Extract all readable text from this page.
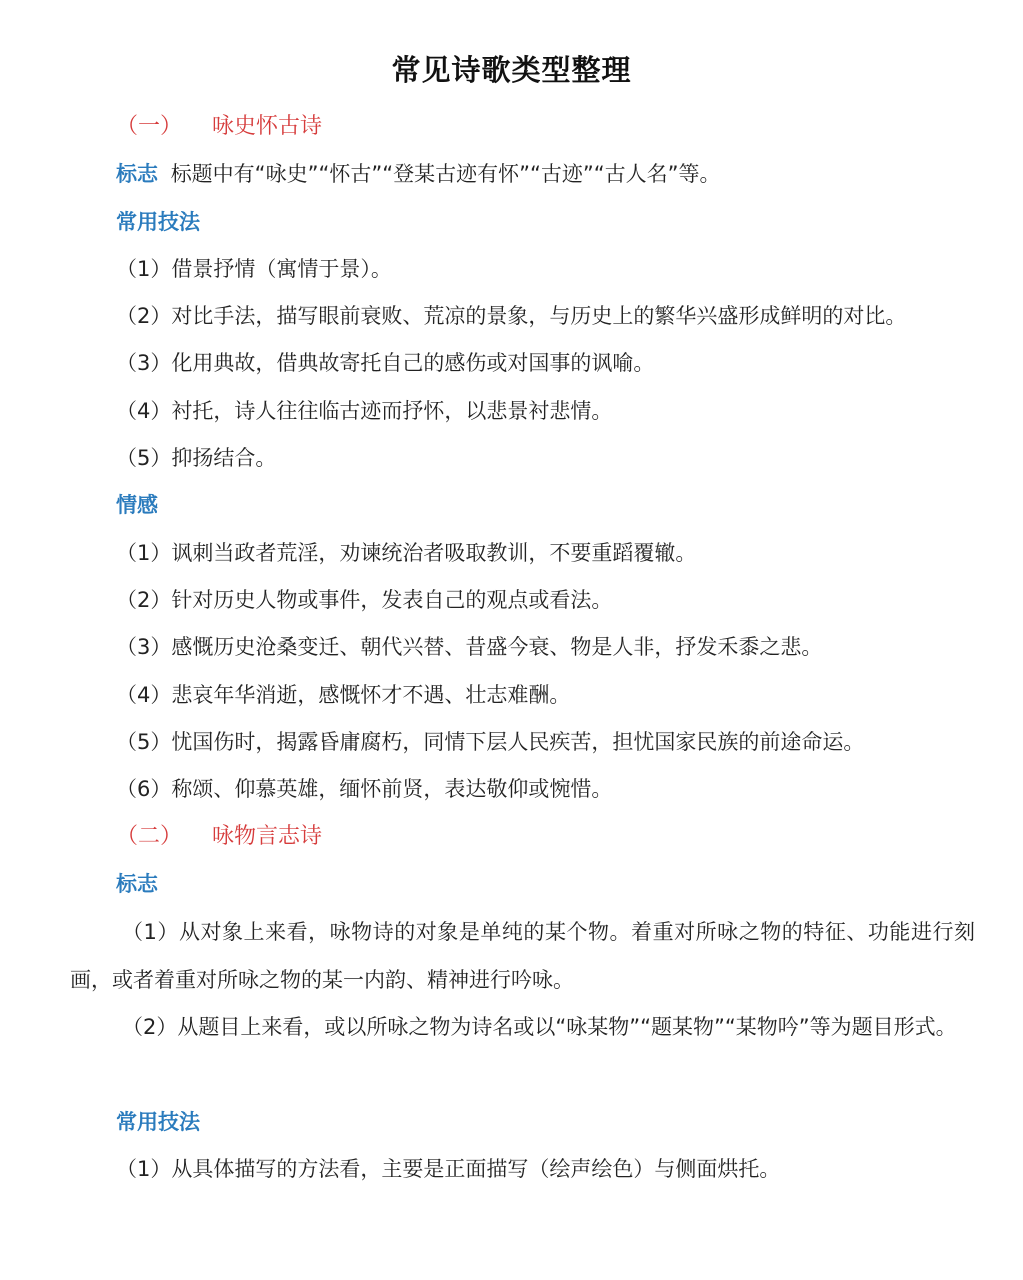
常见诗歌类型整理
（一） 咏史怀古诗
标志 标题中有“咏史”“怀古”“登某古迹有怀”“古迹”“古人名”等。
常用技法
（1）借景抒情（寓情于景）。
（2）对比手法，描写眼前衰败、荒凉的景象，与历史上的繁华兴盛形成鲜明的对比。
（3）化用典故，借典故寄托自己的感伤或对国事的讽喻。
（4）衬托，诗人往往临古迹而抒怀，以悲景衬悲情。
（5）抑扬结合。
情感
（1）讽刺当政者荒淫，劝谏统治者吸取教训，不要重蹈覆辙。
（2）针对历史人物或事件，发表自己的观点或看法。
（3）感慨历史沧桑变迁、朝代兴替、昔盛今衰、物是人非，抒发禾黍之悲。
（4）悲哀年华消逝，感慨怀才不遇、壮志难酬。
（5）忧国伤时，揭露昏庸腐朽，同情下层人民疾苦，担忧国家民族的前途命运。
（6）称颂、仰慕英雄，缅怀前贤，表达敬仰或惋惜。
（二） 咏物言志诗
标志
（1）从对象上来看，咏物诗的对象是单纯的某个物。着重对所咏之物的特征、功能进行刻画，或者着重对所咏之物的某一内韵、精神进行吟咏。
（2）从题目上来看，或以所咏之物为诗名或以“咏某物”“题某物”“某物吟”等为题目形式。
常用技法
（1）从具体描写的方法看，主要是正面描写（绘声绘色）与侧面烘托。
